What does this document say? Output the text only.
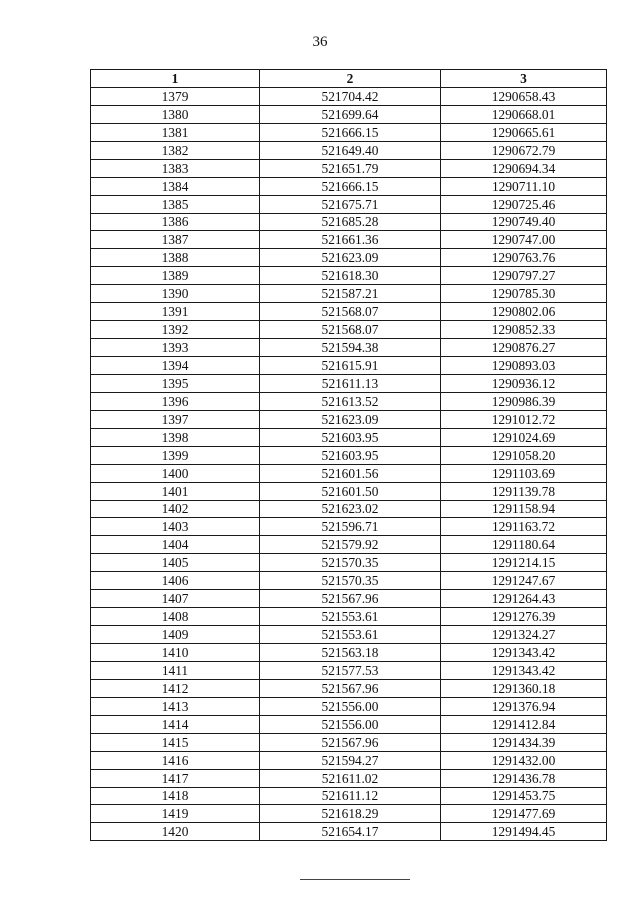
36
1	2	3
1379	521704.42	1290658.43
1380	521699.64	1290668.01
1381	521666.15	1290665.61
1382	521649.40	1290672.79
1383	521651.79	1290694.34
1384	521666.15	1290711.10
1385	521675.71	1290725.46
1386	521685.28	1290749.40
1387	521661.36	1290747.00
1388	521623.09	1290763.76
1389	521618.30	1290797.27
1390	521587.21	1290785.30
1391	521568.07	1290802.06
1392	521568.07	1290852.33
1393	521594.38	1290876.27
1394	521615.91	1290893.03
1395	521611.13	1290936.12
1396	521613.52	1290986.39
1397	521623.09	1291012.72
1398	521603.95	1291024.69
1399	521603.95	1291058.20
1400	521601.56	1291103.69
1401	521601.50	1291139.78
1402	521623.02	1291158.94
1403	521596.71	1291163.72
1404	521579.92	1291180.64
1405	521570.35	1291214.15
1406	521570.35	1291247.67
1407	521567.96	1291264.43
1408	521553.61	1291276.39
1409	521553.61	1291324.27
1410	521563.18	1291343.42
1411	521577.53	1291343.42
1412	521567.96	1291360.18
1413	521556.00	1291376.94
1414	521556.00	1291412.84
1415	521567.96	1291434.39
1416	521594.27	1291432.00
1417	521611.02	1291436.78
1418	521611.12	1291453.75
1419	521618.29	1291477.69
1420	521654.17	1291494.45
